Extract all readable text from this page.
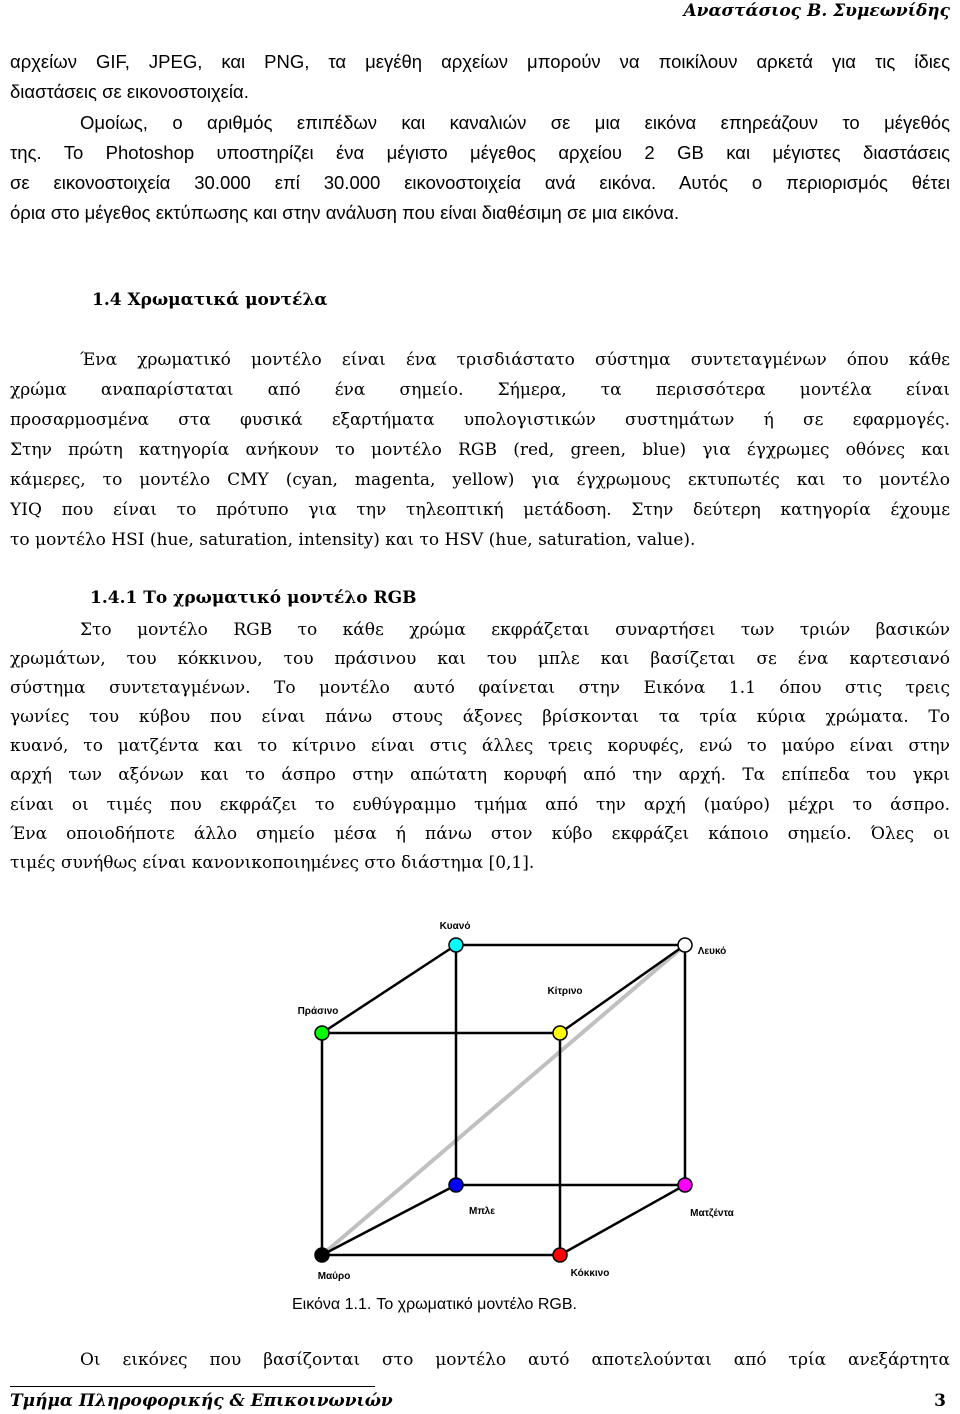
Αναστάσιος Β. Συμεωνίδης
αρχείων GIF, JPEG, και PNG, τα μεγέθη αρχείων μπορούν να ποικίλουν αρκετά για τις ίδιες
διαστάσεις σε εικονοστοιχεία.
Ομοίως, ο αριθμός επιπέδων και καναλιών σε μια εικόνα επηρεάζουν το μέγεθός
της. Το Photoshop υποστηρίζει ένα μέγιστο μέγεθος αρχείου 2 GB και μέγιστες διαστάσεις
σε εικονοστοιχεία 30.000 επί 30.000 εικονοστοιχεία ανά εικόνα. Αυτός ο περιορισμός θέτει
όρια στο μέγεθος εκτύπωσης και στην ανάλυση που είναι διαθέσιμη σε μια εικόνα.
1.4 Χρωματικά μοντέλα
Ένα χρωματικό μοντέλο είναι ένα τρισδιάστατο σύστημα συντεταγμένων όπου κάθε
χρώμα αναπαρίσταται από ένα σημείο. Σήμερα, τα περισσότερα μοντέλα είναι
προσαρμοσμένα στα φυσικά εξαρτήματα υπολογιστικών συστημάτων ή σε εφαρμογές.
Στην πρώτη κατηγορία ανήκουν το μοντέλο RGB (red, green, blue) για έγχρωμες οθόνες και
κάμερες, το μοντέλο CMY (cyan, magenta, yellow) για έγχρωμους εκτυπωτές και το μοντέλο
YIQ που είναι το πρότυπο για την τηλεοπτική μετάδοση. Στην δεύτερη κατηγορία έχουμε
το μοντέλο HSI (hue, saturation, intensity) και το HSV (hue, saturation, value).
1.4.1 Το χρωματικό μοντέλο RGB
Στο μοντέλο RGB το κάθε χρώμα εκφράζεται συναρτήσει των τριών βασικών
χρωμάτων, του κόκκινου, του πράσινου και του μπλε και βασίζεται σε ένα καρτεσιανό
σύστημα συντεταγμένων. Το μοντέλο αυτό φαίνεται στην Εικόνα 1.1 όπου στις τρεις
γωνίες του κύβου που είναι πάνω στους άξονες βρίσκονται τα τρία κύρια χρώματα. Το
κυανό, το ματζέντα και το κίτρινο είναι στις άλλες τρεις κορυφές, ενώ το μαύρο είναι στην
αρχή των αξόνων και το άσπρο στην απώτατη κορυφή από την αρχή. Τα επίπεδα του γκρι
είναι οι τιμές που εκφράζει το ευθύγραμμο τμήμα από την αρχή (μαύρο) μέχρι το άσπρο.
Ένα οποιοδήποτε άλλο σημείο μέσα ή πάνω στον κύβο εκφράζει κάποιο σημείο. Όλες οι
τιμές συνήθως είναι κανονικοποιημένες στο διάστημα [0,1].
Κυανό
Λευκό
Κίτρινο
Πράσινο
Μπλε	Ματζέντα
Μαύρο	Κόκκινο
Εικόνα 1.1. Το χρωματικό μοντέλο RGB.
Οι εικόνες που βασίζονται στο μοντέλο αυτό αποτελούνται από τρία ανεξάρτητα
Τμήμα Πληροφορικής & Επικοινωνιών	3
